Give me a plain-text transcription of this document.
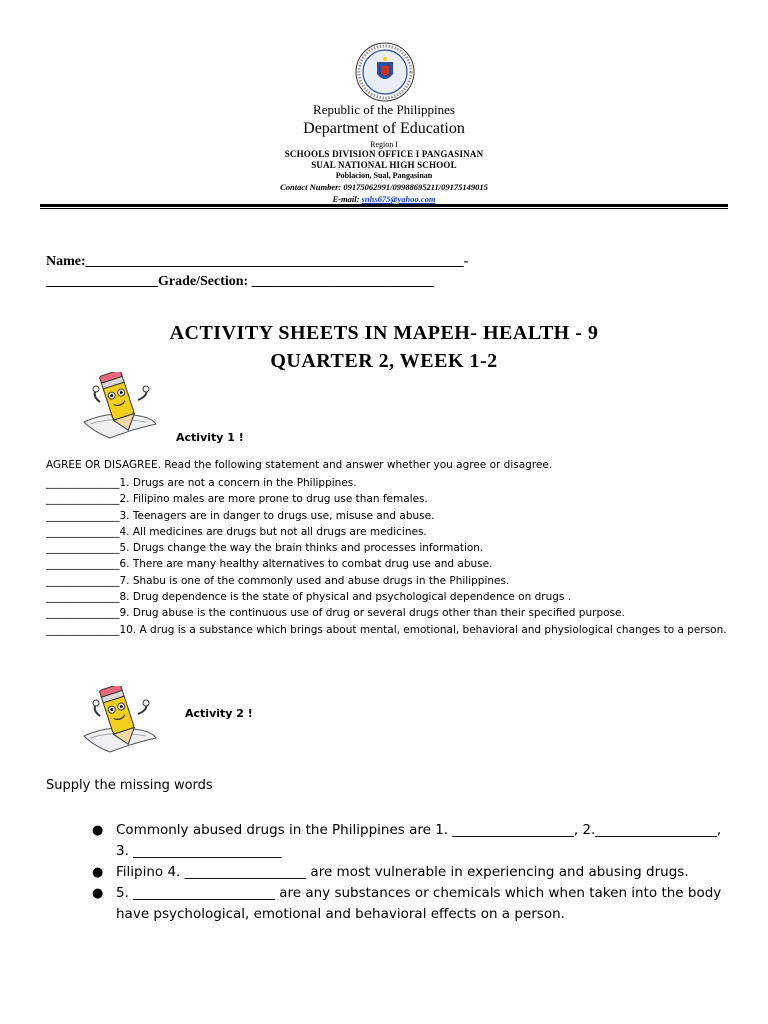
Republic of the Philippines
Department of Education
Region I
SCHOOLS DIVISION OFFICE I PANGASINAN
SUAL NATIONAL HIGH SCHOOL
Poblacion, Sual, Pangasinan
Contact Number: 09175062991/09988695211/09175149015
E-mail: snhs675@yahoo.com
Name:______________________________________________________-
________________Grade/Section: __________________________
ACTIVITY SHEETS IN MAPEH- HEALTH - 9
QUARTER 2, WEEK 1-2
Activity 1 !
AGREE OR DISAGREE. Read the following statement and answer whether you agree or disagree.
______________1. Drugs are not a concern in the Philippines.
______________2. Filipino males are more prone to drug use than females.
______________3. Teenagers are in danger to drugs use, misuse and abuse.
______________4. All medicines are drugs but not all drugs are medicines.
______________5. Drugs change the way the brain thinks and processes information.
______________6. There are many healthy alternatives to combat drug use and abuse.
______________7. Shabu is one of the commonly used and abuse drugs in the Philippines.
______________8. Drug dependence is the state of physical and psychological dependence on drugs .
______________9. Drug abuse is the continuous use of drug or several drugs other than their specified purpose.
______________10. A drug is a substance which brings about mental, emotional, behavioral and physiological changes to a person.
Activity 2 !
Supply the missing words
● Commonly abused drugs in the Philippines are 1. __________________, 2.__________________, 3. ______________________
● Filipino 4. __________________ are most vulnerable in experiencing and abusing drugs.
● 5. _____________________ are any substances or chemicals which when taken into the body have psychological, emotional and behavioral effects on a person.
